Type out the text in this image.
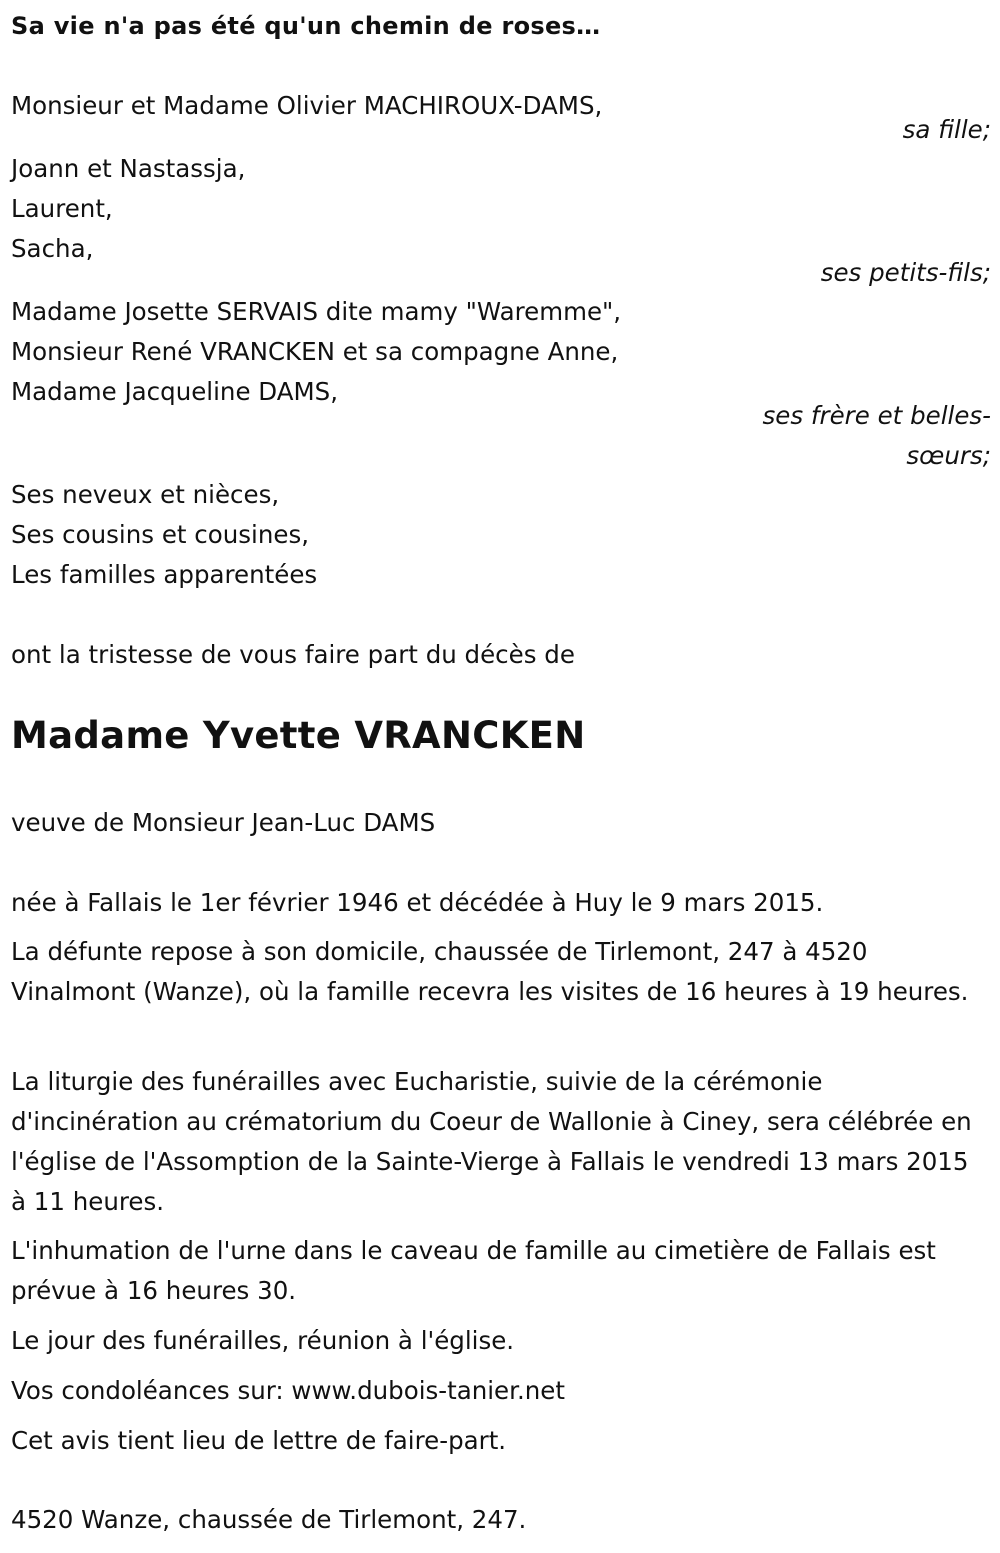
Sa vie n'a pas été qu'un chemin de roses…
Monsieur et Madame Olivier MACHIROUX-DAMS,
sa fille;
Joann et Nastassja,
Laurent,
Sacha,
ses petits-fils;
Madame Josette SERVAIS dite mamy "Waremme",
Monsieur René VRANCKEN et sa compagne Anne,
Madame Jacqueline DAMS,
ses frère et belles-
sœurs;
Ses neveux et nièces,
Ses cousins et cousines,
Les familles apparentées
ont la tristesse de vous faire part du décès de
Madame Yvette VRANCKEN
veuve de Monsieur Jean-Luc DAMS
née à Fallais le 1er février 1946 et décédée à Huy le 9 mars 2015.
La défunte repose à son domicile, chaussée de Tirlemont, 247 à 4520 Vinalmont (Wanze), où la famille recevra les visites de 16 heures à 19 heures.
La liturgie des funérailles avec Eucharistie, suivie de la cérémonie d'incinération au crématorium du Coeur de Wallonie à Ciney, sera célébrée en l'église de l'Assomption de la Sainte-Vierge à Fallais le vendredi 13 mars 2015 à 11 heures.
L'inhumation de l'urne dans le caveau de famille au cimetière de Fallais est prévue à 16 heures 30.
Le jour des funérailles, réunion à l'église.
Vos condoléances sur: www.dubois-tanier.net
Cet avis tient lieu de lettre de faire-part.
4520 Wanze, chaussée de Tirlemont, 247.
